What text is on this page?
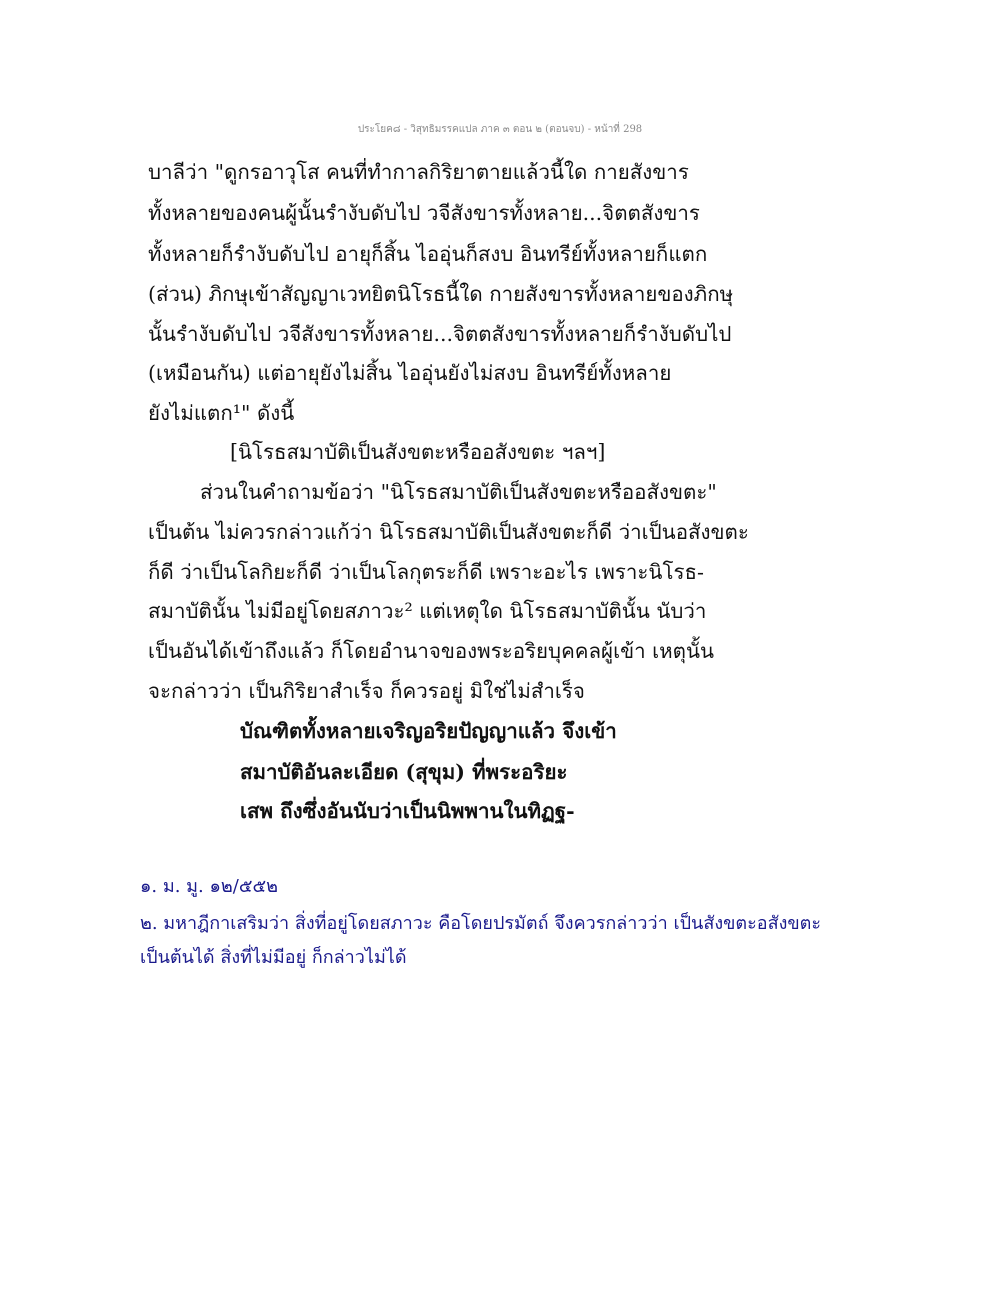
ประโยค๘ - วิสุทธิมรรคแปล ภาค ๓ ตอน ๒ (ตอนจบ) - หน้าที่ 298
บาลีว่า "ดูกรอาวุโส คนที่ทำกาลกิริยาตายแล้วนี้ใด กายสังขาร
ทั้งหลายของคนผู้นั้นรำงับดับไป วจีสังขารทั้งหลาย...จิตตสังขาร
ทั้งหลายก็รำงับดับไป อายุก็สิ้น ไออุ่นก็สงบ อินทรีย์ทั้งหลายก็แตก
(ส่วน) ภิกษุเข้าสัญญาเวทยิตนิโรธนี้ใด กายสังขารทั้งหลายของภิกษุ
นั้นรำงับดับไป วจีสังขารทั้งหลาย...จิตตสังขารทั้งหลายก็รำงับดับไป
(เหมือนกัน) แต่อายุยังไม่สิ้น ไออุ่นยังไม่สงบ อินทรีย์ทั้งหลาย
ยังไม่แตก¹" ดังนี้
[นิโรธสมาบัติเป็นสังขตะหรืออสังขตะ ฯลฯ]
ส่วนในคำถามข้อว่า "นิโรธสมาบัติเป็นสังขตะหรืออสังขตะ"
เป็นต้น ไม่ควรกล่าวแก้ว่า นิโรธสมาบัติเป็นสังขตะก็ดี ว่าเป็นอสังขตะ
ก็ดี ว่าเป็นโลกิยะก็ดี ว่าเป็นโลกุตระก็ดี เพราะอะไร เพราะนิโรธ-
สมาบัตินั้น ไม่มีอยู่โดยสภาวะ² แต่เหตุใด นิโรธสมาบัตินั้น นับว่า
เป็นอันได้เข้าถึงแล้ว ก็โดยอำนาจของพระอริยบุคคลผู้เข้า เหตุนั้น
จะกล่าวว่า เป็นกิริยาสำเร็จ ก็ควรอยู่ มิใช่ไม่สำเร็จ
บัณฑิตทั้งหลายเจริญอริยปัญญาแล้ว จึงเข้า
สมาบัติอันละเอียด (สุขุม) ที่พระอริยะ
เสพ ถึงซึ่งอันนับว่าเป็นนิพพานในทิฏฐ-
๑. ม. มู. ๑๒/๕๕๒
๒. มหาฎีกาเสริมว่า สิ่งที่อยู่โดยสภาวะ คือโดยปรมัตถ์ จึงควรกล่าวว่า เป็นสังขตะอสังขตะ
เป็นต้นได้ สิ่งที่ไม่มีอยู่ ก็กล่าวไม่ได้
